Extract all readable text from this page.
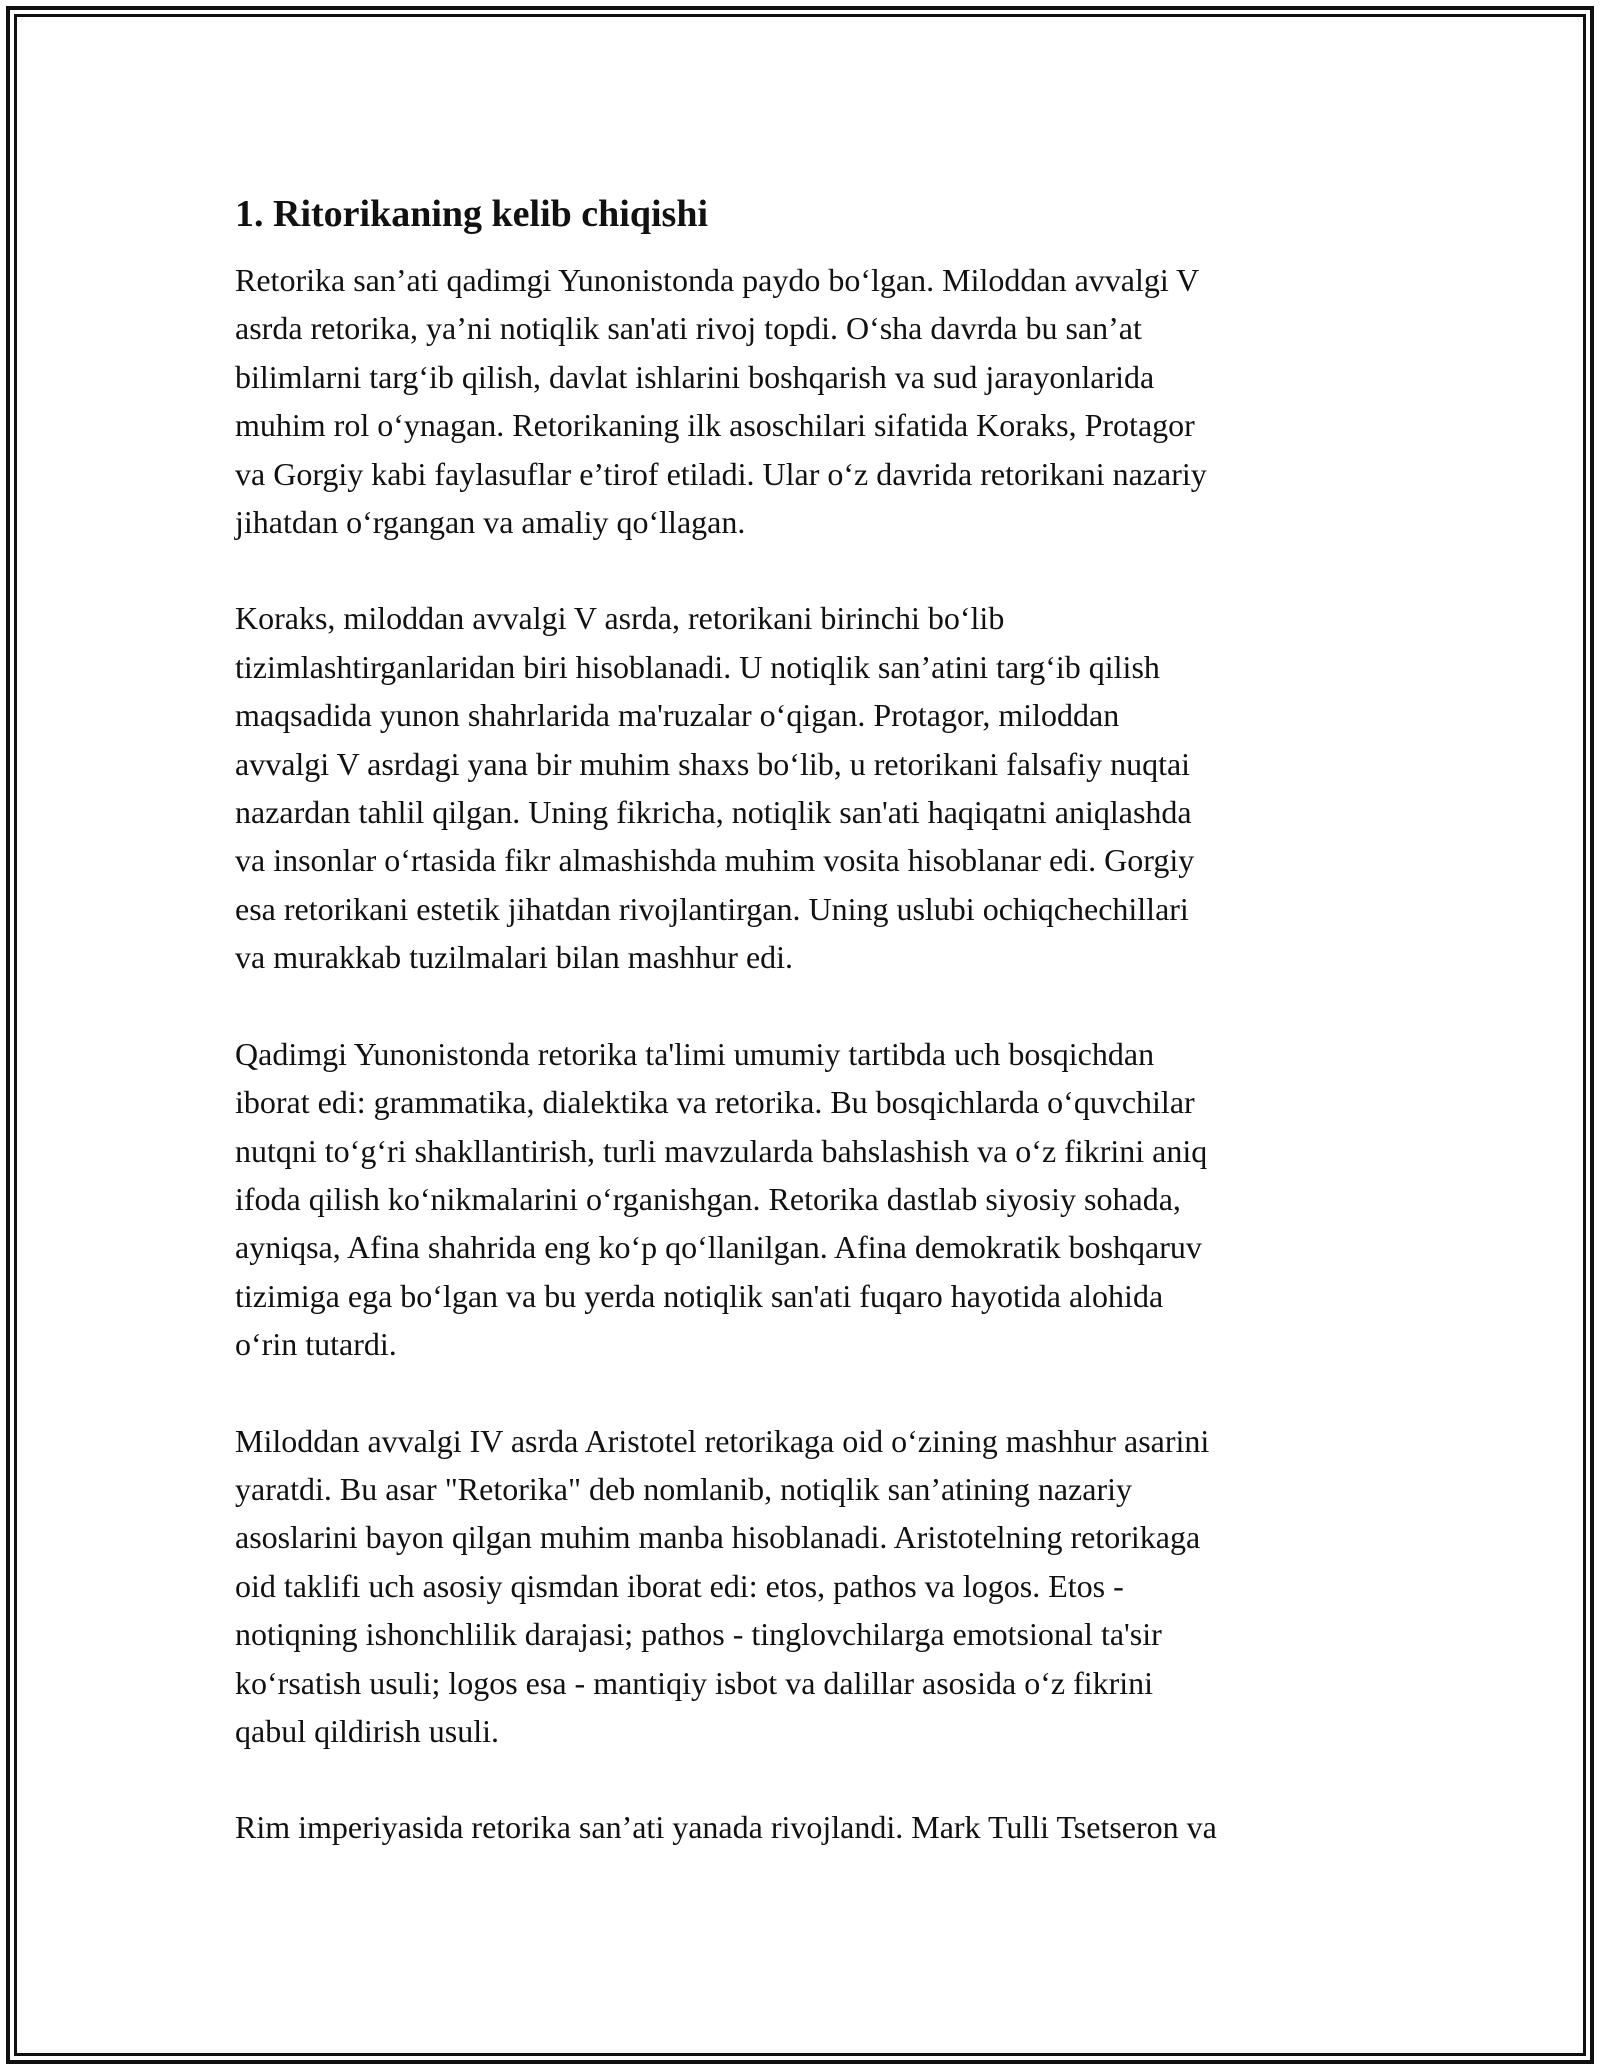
1. Ritorikaning kelib chiqishi

Retorika san’ati qadimgi Yunonistonda paydo bo‘lgan. Miloddan avvalgi V
asrda retorika, ya’ni notiqlik san'ati rivoj topdi. O‘sha davrda bu san’at
bilimlarni targ‘ib qilish, davlat ishlarini boshqarish va sud jarayonlarida
muhim rol o‘ynagan. Retorikaning ilk asoschilari sifatida Koraks, Protagor
va Gorgiy kabi faylasuflar e’tirof etiladi. Ular o‘z davrida retorikani nazariy
jihatdan o‘rgangan va amaliy qo‘llagan.

Koraks, miloddan avvalgi V asrda, retorikani birinchi bo‘lib
tizimlashtirganlaridan biri hisoblanadi. U notiqlik san’atini targ‘ib qilish
maqsadida yunon shahrlarida ma'ruzalar o‘qigan. Protagor, miloddan
avvalgi V asrdagi yana bir muhim shaxs bo‘lib, u retorikani falsafiy nuqtai
nazardan tahlil qilgan. Uning fikricha, notiqlik san'ati haqiqatni aniqlashda
va insonlar o‘rtasida fikr almashishda muhim vosita hisoblanar edi. Gorgiy
esa retorikani estetik jihatdan rivojlantirgan. Uning uslubi ochiqchechillari
va murakkab tuzilmalari bilan mashhur edi.

Qadimgi Yunonistonda retorika ta'limi umumiy tartibda uch bosqichdan
iborat edi: grammatika, dialektika va retorika. Bu bosqichlarda o‘quvchilar
nutqni to‘g‘ri shakllantirish, turli mavzularda bahslashish va o‘z fikrini aniq
ifoda qilish ko‘nikmalarini o‘rganishgan. Retorika dastlab siyosiy sohada,
ayniqsa, Afina shahrida eng ko‘p qo‘llanilgan. Afina demokratik boshqaruv
tizimiga ega bo‘lgan va bu yerda notiqlik san'ati fuqaro hayotida alohida
o‘rin tutardi.

Miloddan avvalgi IV asrda Aristotel retorikaga oid o‘zining mashhur asarini
yaratdi. Bu asar "Retorika" deb nomlanib, notiqlik san’atining nazariy
asoslarini bayon qilgan muhim manba hisoblanadi. Aristotelning retorikaga
oid taklifi uch asosiy qismdan iborat edi: etos, pathos va logos. Etos -
notiqning ishonchlilik darajasi; pathos - tinglovchilarga emotsional ta'sir
ko‘rsatish usuli; logos esa - mantiqiy isbot va dalillar asosida o‘z fikrini
qabul qildirish usuli.

Rim imperiyasida retorika san’ati yanada rivojlandi. Mark Tulli Tsetseron va
